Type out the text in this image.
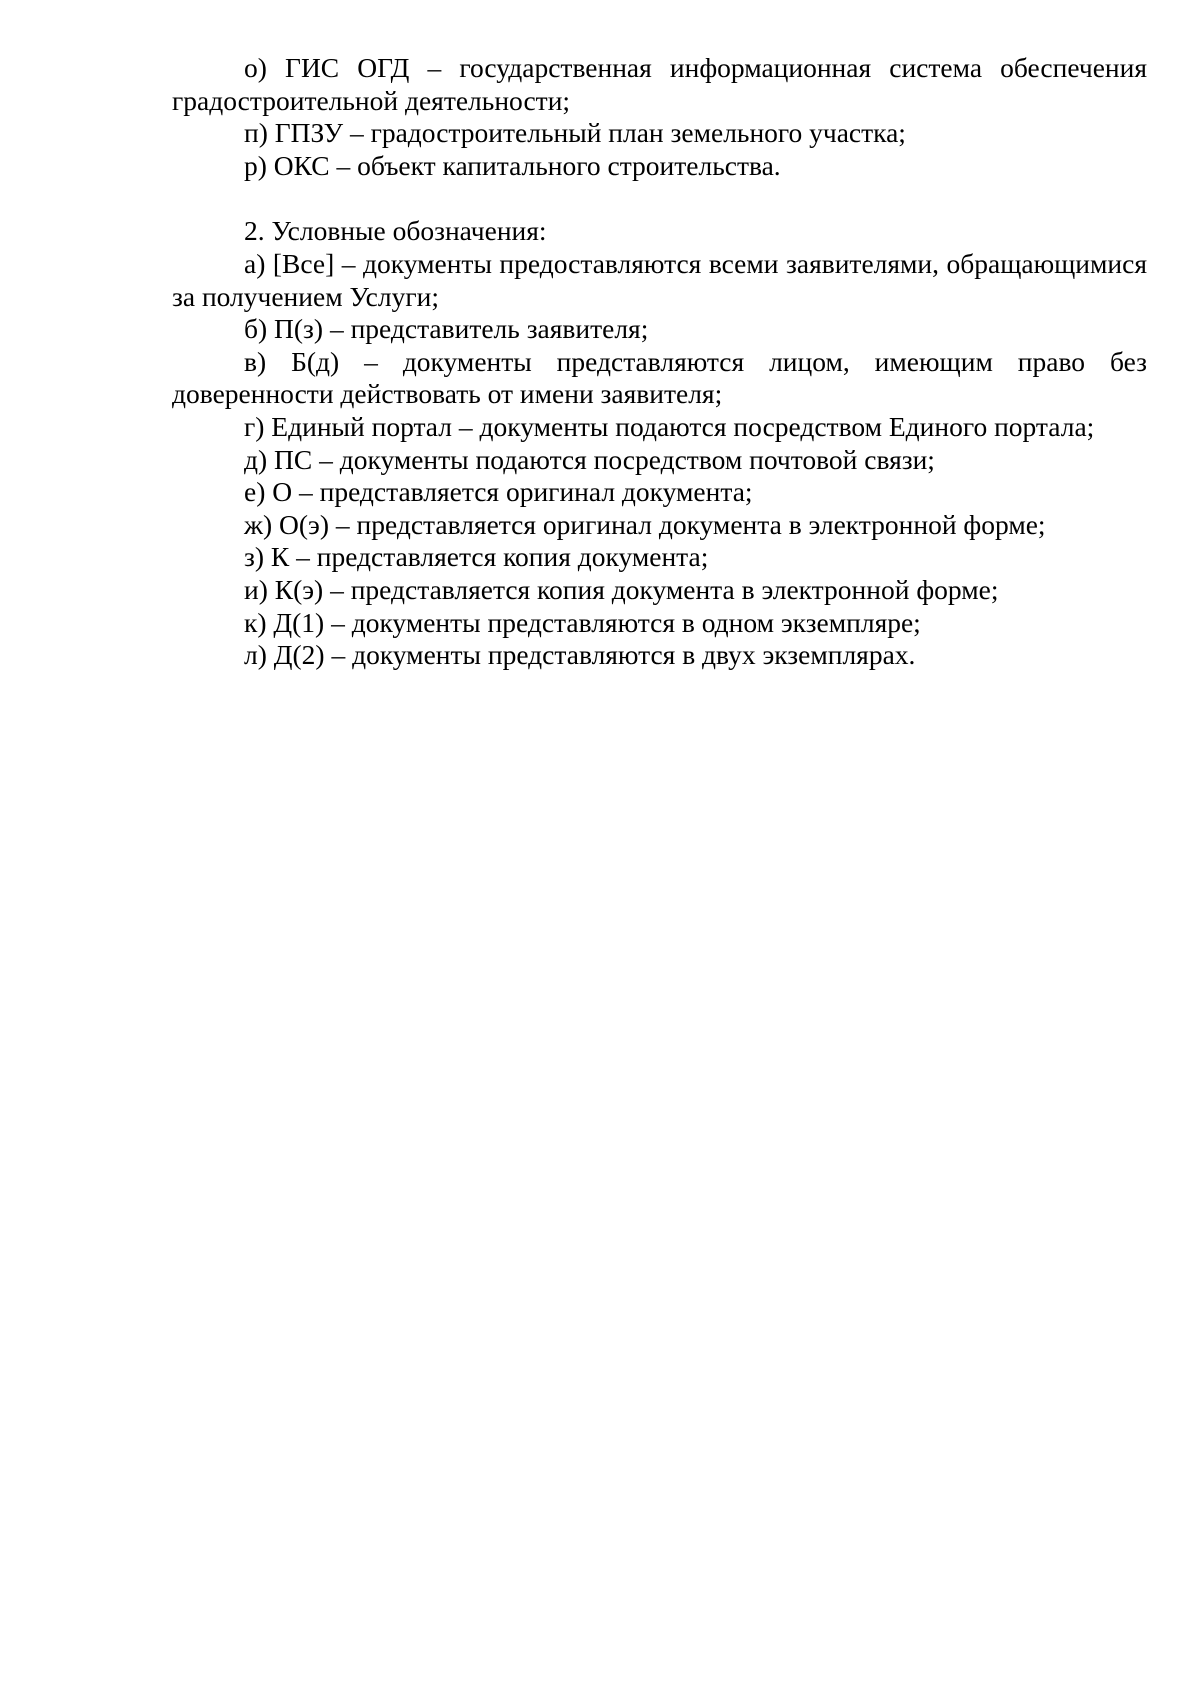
о) ГИС ОГД – государственная информационная система обеспечения градостроительной деятельности;

п) ГПЗУ – градостроительный план земельного участка;

р) ОКС – объект капитального строительства.

2. Условные обозначения:

а) [Все] – документы предоставляются всеми заявителями, обращающимися за получением Услуги;

б) П(з) – представитель заявителя;

в) Б(д) – документы представляются лицом, имеющим право без доверенности действовать от имени заявителя;

г) Единый портал – документы подаются посредством Единого портала;

д) ПС – документы подаются посредством почтовой связи;

е) О – представляется оригинал документа;

ж) О(э) – представляется оригинал документа в электронной форме;

з) К – представляется копия документа;

и) К(э) – представляется копия документа в электронной форме;

к) Д(1) – документы представляются в одном экземпляре;

л) Д(2) – документы представляются в двух экземплярах.
